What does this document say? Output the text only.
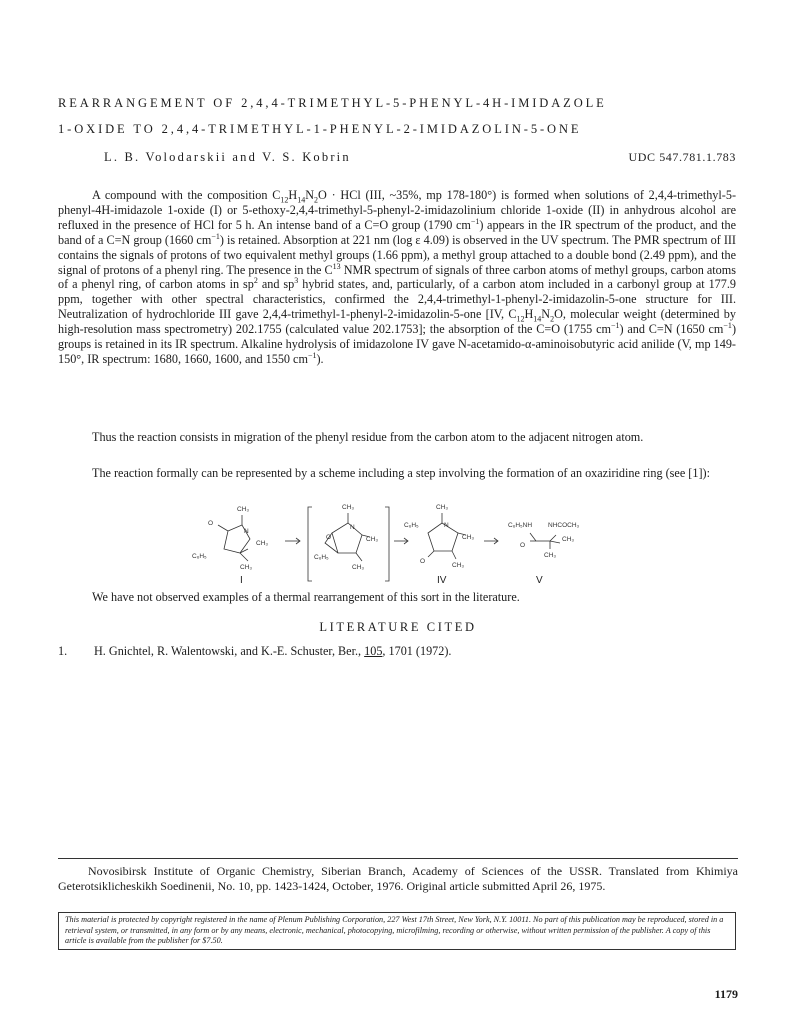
REARRANGEMENT OF 2,4,4-TRIMETHYL-5-PHENYL-4H-IMIDAZOLE
1-OXIDE TO 2,4,4-TRIMETHYL-1-PHENYL-2-IMIDAZOLIN-5-ONE
L. B. Volodarskii and V. S. Kobrin	UDC 547.781.1.783
A compound with the composition $C_{12}H_{14}N_2O$ · HCl (III, ~35%, mp 178-180°) is formed when solutions of 2,4,4-trimethyl-5-phenyl-4H-imidazole 1-oxide (I) or 5-ethoxy-2,4,4-trimethyl-5-phenyl-2-imidazolinium chloride 1-oxide (II) in anhydrous alcohol are refluxed in the presence of HCl for 5 h. An intense band of a C=O group (1790 $cm^{-1}$) appears in the IR spectrum of the product, and the band of a C=N group (1660 $cm^{-1}$) is retained. Absorption at 221 nm (log ε 4.09) is observed in the UV spectrum. The PMR spectrum of III contains the signals of protons of two equivalent methyl groups (1.66 ppm), a methyl group attached to a double bond (2.49 ppm), and the signal of protons of a phenyl ring. The presence in the $C^{13}$ NMR spectrum of signals of three carbon atoms of methyl groups, carbon atoms of a phenyl ring, of carbon atoms in $sp^2$ and $sp^3$ hybrid states, and, particularly, of a carbon atom included in a carbonyl group at 177.9 ppm, together with other spectral characteristics, confirmed the 2,4,4-trimethyl-1-phenyl-2-imidazolin-5-one structure for III. Neutralization of hydrochloride III gave 2,4,4-trimethyl-1-phenyl-2-imidazolin-5-one [IV, $C_{12}H_{14}N_2O$, molecular weight (determined by high-resolution mass spectrometry) 202.1755 (calculated value 202.1753]; the absorption of the C=O (1755 $cm^{-1}$) and C=N (1650 $cm^{-1}$) groups is retained in its IR spectrum. Alkaline hydrolysis of imidazolone IV gave N-acetamido-α-aminoisobutyric acid anilide (V, mp 149-150°, IR spectrum: 1680, 1660, 1600, and 1550 $cm^{-1}$).
Thus the reaction consists in migration of the phenyl residue from the carbon atom to the adjacent nitrogen atom.
The reaction formally can be represented by a scheme including a step involving the formation of an oxaziridine ring (see [1]):
CH₃
O
N
CH₃
C₆H₅
CH₃
CH₃
O
N
CH₃
C₆H₅
CH₃
CH₃
C₆H₅	N
CH₃
O
CH₃
C₆H₅NH NHCOCH₃
O
CH₃
CH₃
I	IV	V
We have not observed examples of a thermal rearrangement of this sort in the literature.
LITERATURE CITED
1. H. Gnichtel, R. Walentowski, and K.-E. Schuster, Ber., 105, 1701 (1972).
Novosibirsk Institute of Organic Chemistry, Siberian Branch, Academy of Sciences of the USSR. Translated from Khimiya Geterotsiklicheskikh Soedinenii, No. 10, pp. 1423-1424, October, 1976. Original article submitted April 26, 1975.
This material is protected by copyright registered in the name of Plenum Publishing Corporation, 227 West 17th Street, New York, N.Y. 10011. No part of this publication may be reproduced, stored in a retrieval system, or transmitted, in any form or by any means, electronic, mechanical, photocopying, microfilming, recording or otherwise, without written permission of the publisher. A copy of this article is available from the publisher for $7.50.
1179
